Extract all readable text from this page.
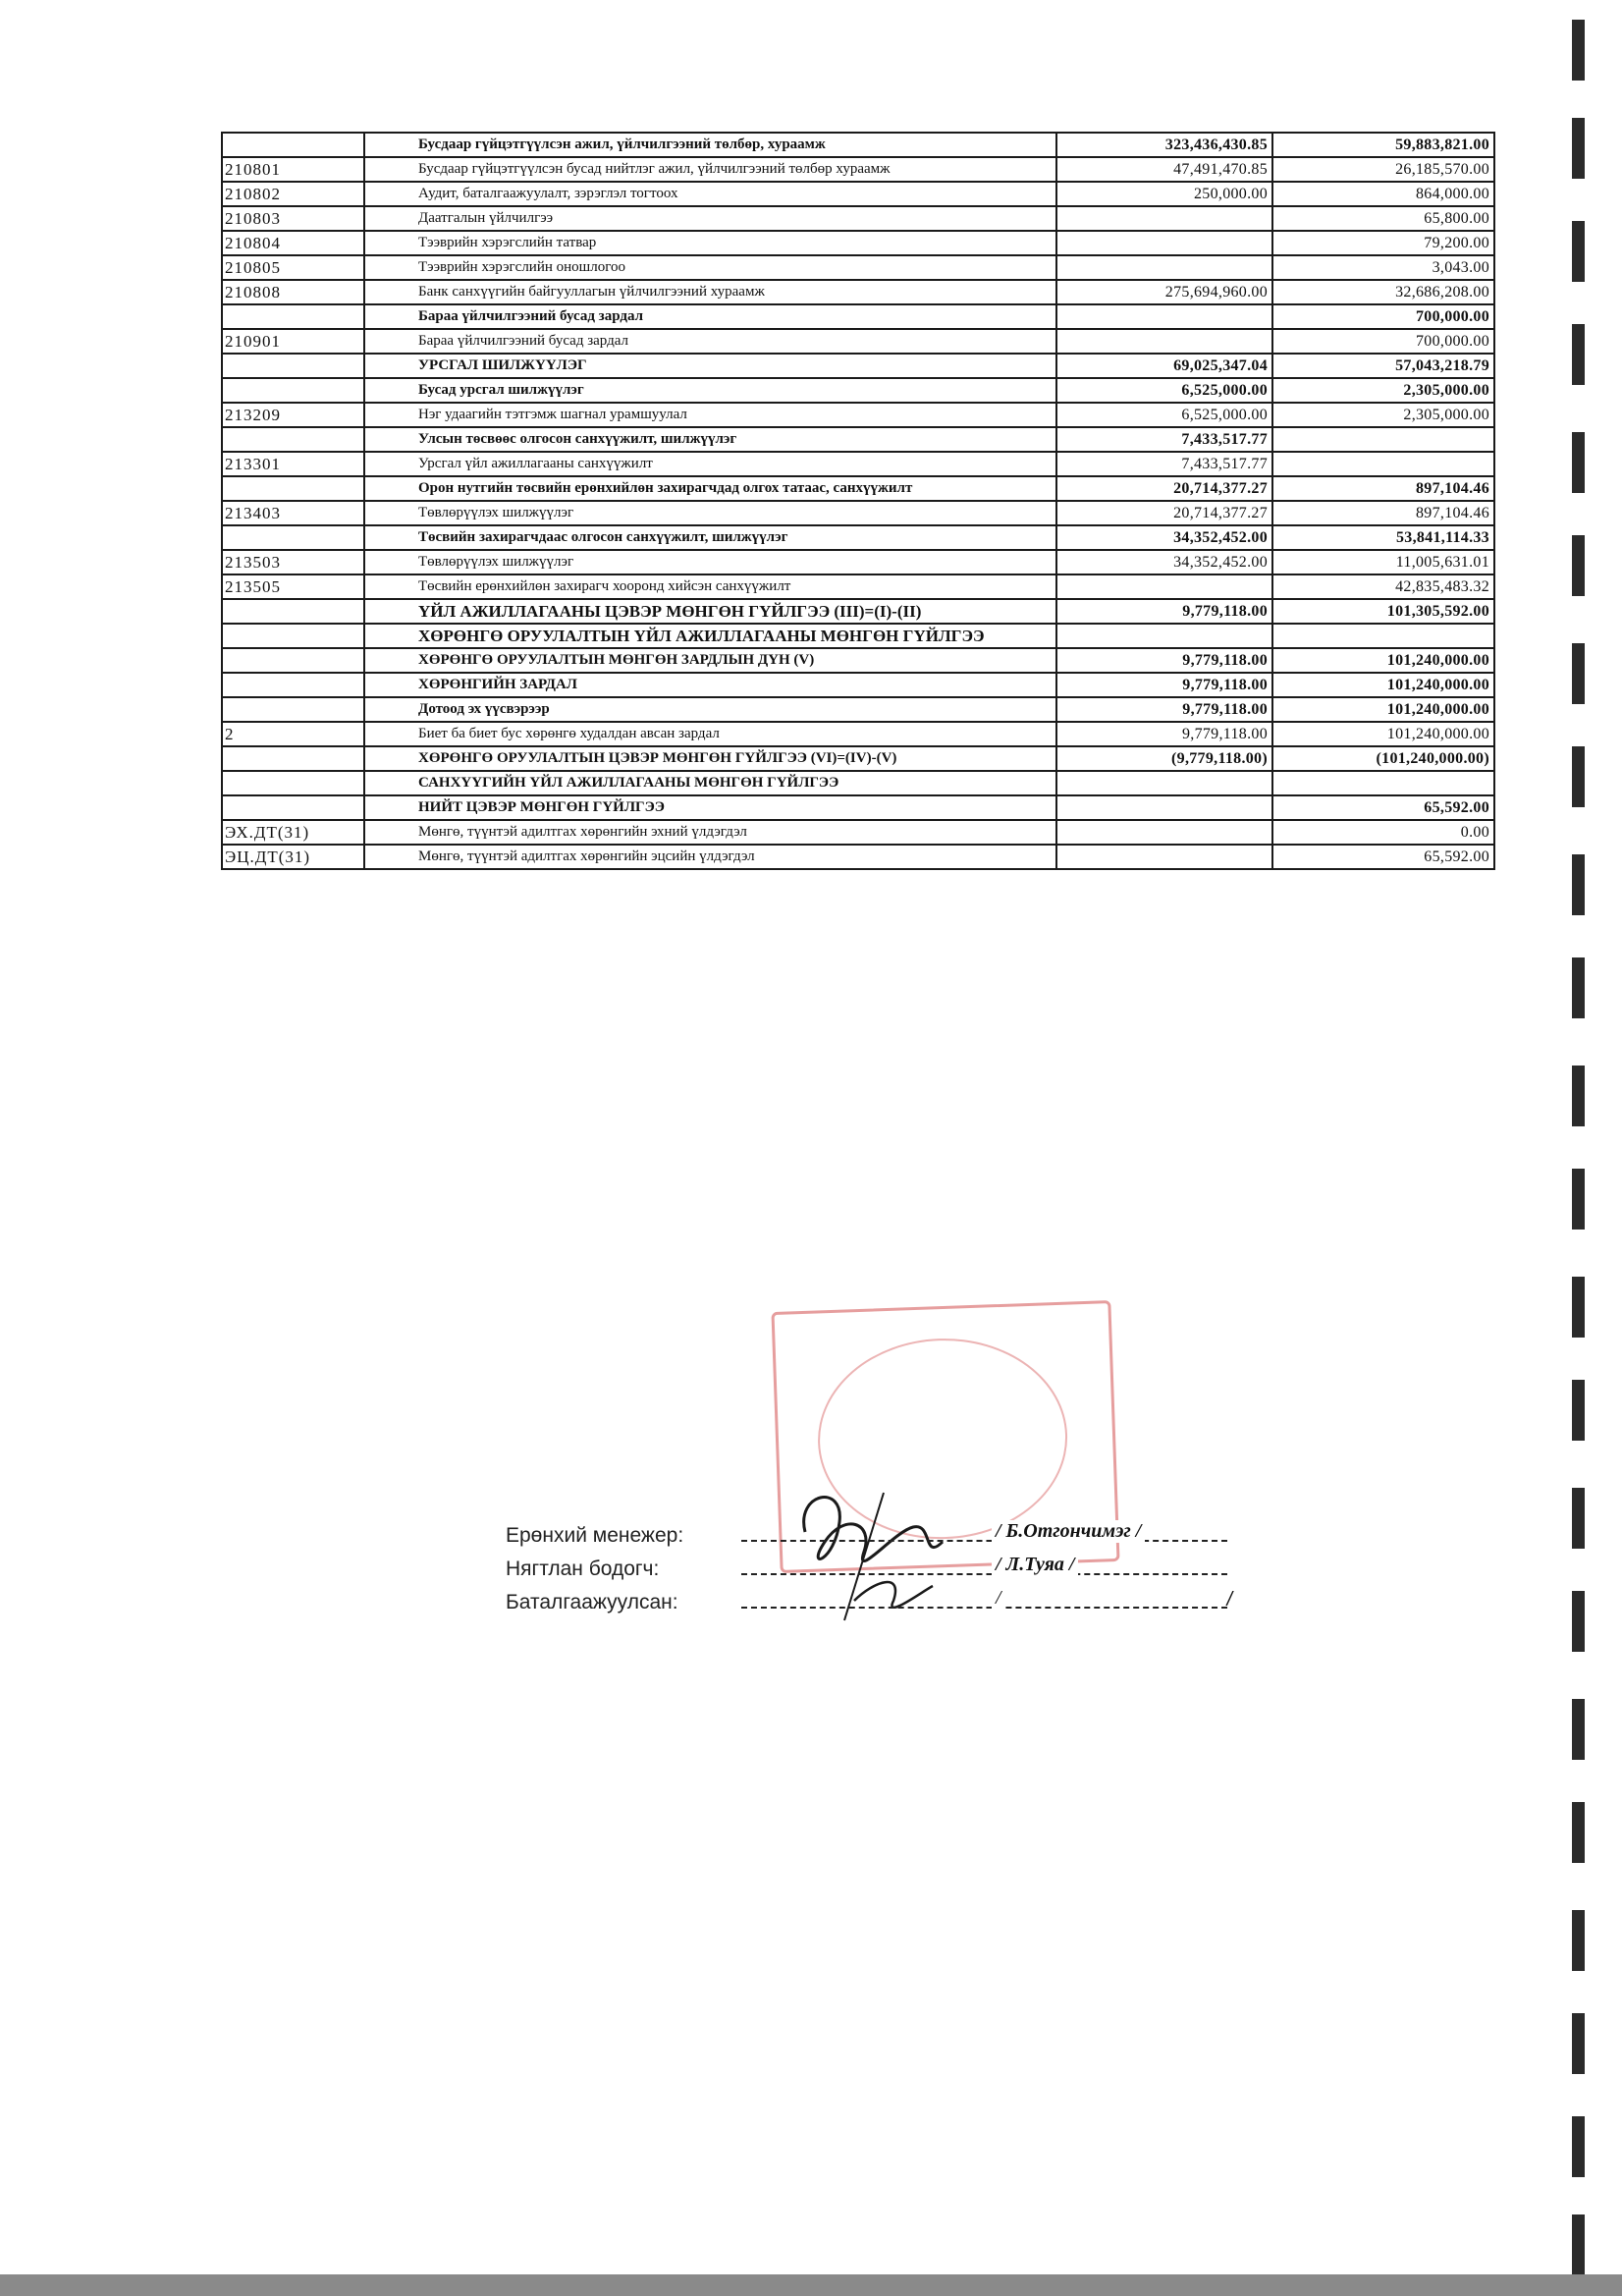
	Бусдаар гүйцэтгүүлсэн ажил, үйлчилгээний төлбөр, хураамж	323,436,430.85	59,883,821.00
210801	Бусдаар гүйцэтгүүлсэн бусад нийтлэг ажил, үйлчилгээний төлбөр хураамж	47,491,470.85	26,185,570.00
210802	Аудит, баталгаажуулалт, зэрэглэл тогтоох	250,000.00	864,000.00
210803	Даатгалын үйлчилгээ		65,800.00
210804	Тээврийн хэрэгслийн татвар		79,200.00
210805	Тээврийн хэрэгслийн оношлогоо		3,043.00
210808	Банк санхүүгийн байгууллагын үйлчилгээний хураамж	275,694,960.00	32,686,208.00

	Бараа үйлчилгээний бусад зардал		700,000.00
210901	Бараа үйлчилгээний бусад зардал		700,000.00

	УРСГАЛ ШИЛЖҮҮЛЭГ	69,025,347.04	57,043,218.79

	Бусад урсгал шилжүүлэг	6,525,000.00	2,305,000.00
213209	Нэг удаагийн тэтгэмж шагнал урамшуулал	6,525,000.00	2,305,000.00

	Улсын төсвөөс олгосон санхүүжилт, шилжүүлэг	7,433,517.77	
213301	Урсгал үйл ажиллагааны санхүүжилт	7,433,517.77	

	Орон нутгийн төсвийн ерөнхийлөн захирагчдад олгох татаас, санхүүжилт	20,714,377.27	897,104.46
213403	Төвлөрүүлэх шилжүүлэг	20,714,377.27	897,104.46

	Төсвийн захирагчдаас олгосон санхүүжилт, шилжүүлэг	34,352,452.00	53,841,114.33
213503	Төвлөрүүлэх шилжүүлэг	34,352,452.00	11,005,631.01
213505	Төсвийн ерөнхийлөн захирагч хооронд хийсэн санхүүжилт		42,835,483.32

	ҮЙЛ АЖИЛЛАГААНЫ ЦЭВЭР МӨНГӨН ГҮЙЛГЭЭ (III)=(I)-(II)	9,779,118.00	101,305,592.00

	ХӨРӨНГӨ ОРУУЛАЛТЫН ҮЙЛ АЖИЛЛАГААНЫ МӨНГӨН ГҮЙЛГЭЭ		

	ХӨРӨНГӨ ОРУУЛАЛТЫН МӨНГӨН ЗАРДЛЫН ДҮН (V)	9,779,118.00	101,240,000.00

	ХӨРӨНГИЙН ЗАРДАЛ	9,779,118.00	101,240,000.00

	Дотоод эх үүсвэрээр	9,779,118.00	101,240,000.00
2	Биет ба биет бус хөрөнгө худалдан авсан зардал	9,779,118.00	101,240,000.00

	ХӨРӨНГӨ ОРУУЛАЛТЫН ЦЭВЭР МӨНГӨН ГҮЙЛГЭЭ (VI)=(IV)-(V)	(9,779,118.00)	(101,240,000.00)

	САНХҮҮГИЙН ҮЙЛ АЖИЛЛАГААНЫ МӨНГӨН ГҮЙЛГЭЭ		

	НИЙТ ЦЭВЭР МӨНГӨН ГҮЙЛГЭЭ		65,592.00
ЭХ.ДТ(31)	Мөнгө, түүнтэй адилтгах хөрөнгийн эхний үлдэгдэл		0.00
ЭЦ.ДТ(31)	Мөнгө, түүнтэй адилтгах хөрөнгийн эцсийн үлдэгдэл		65,592.00
Ерөнхий менежер:	/ Б.Отгончимэг /
Нягтлан бодогч:	/ Л.Туяа /
Баталгаажуулсан:	/	/
